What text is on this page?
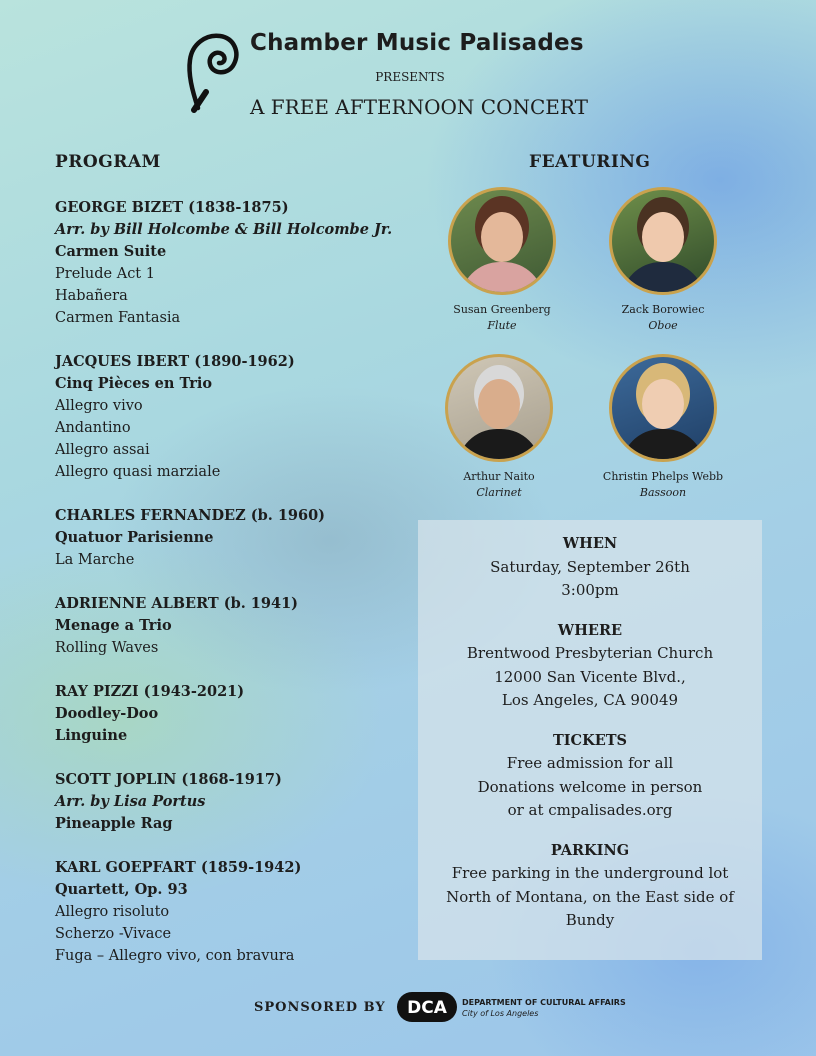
Chamber Music Palisades
PRESENTS
A FREE AFTERNOON CONCERT
PROGRAM
GEORGE BIZET (1838-1875)
Arr. by Bill Holcombe & Bill Holcombe Jr.
Carmen Suite
Prelude Act 1
Habañera
Carmen Fantasia
JACQUES IBERT (1890-1962)
Cinq Pièces en Trio
Allegro vivo
Andantino
Allegro assai
Allegro quasi marziale
CHARLES FERNANDEZ (b. 1960)
Quatuor Parisienne
La Marche
ADRIENNE ALBERT (b. 1941)
Menage a Trio
Rolling Waves
RAY PIZZI (1943-2021)
Doodley-Doo
Linguine
SCOTT JOPLIN (1868-1917)
Arr. by Lisa Portus
Pineapple Rag
KARL GOEPFART (1859-1942)
Quartett, Op. 93
Allegro risoluto
Scherzo -Vivace
Fuga – Allegro vivo, con bravura
FEATURING
Susan Greenberg
Flute
Zack Borowiec
Oboe
Arthur Naito
Clarinet
Christin Phelps Webb
Bassoon
WHEN
Saturday, September 26th
3:00pm
WHERE
Brentwood Presbyterian Church
12000 San Vicente Blvd.,
Los Angeles, CA 90049
TICKETS
Free admission for all
Donations welcome in person
or at cmpalisades.org
PARKING
Free parking in the underground lot
North of Montana, on the East side of
Bundy
SPONSORED BY DCA DEPARTMENT OF CULTURAL AFFAIRS
City of Los Angeles
